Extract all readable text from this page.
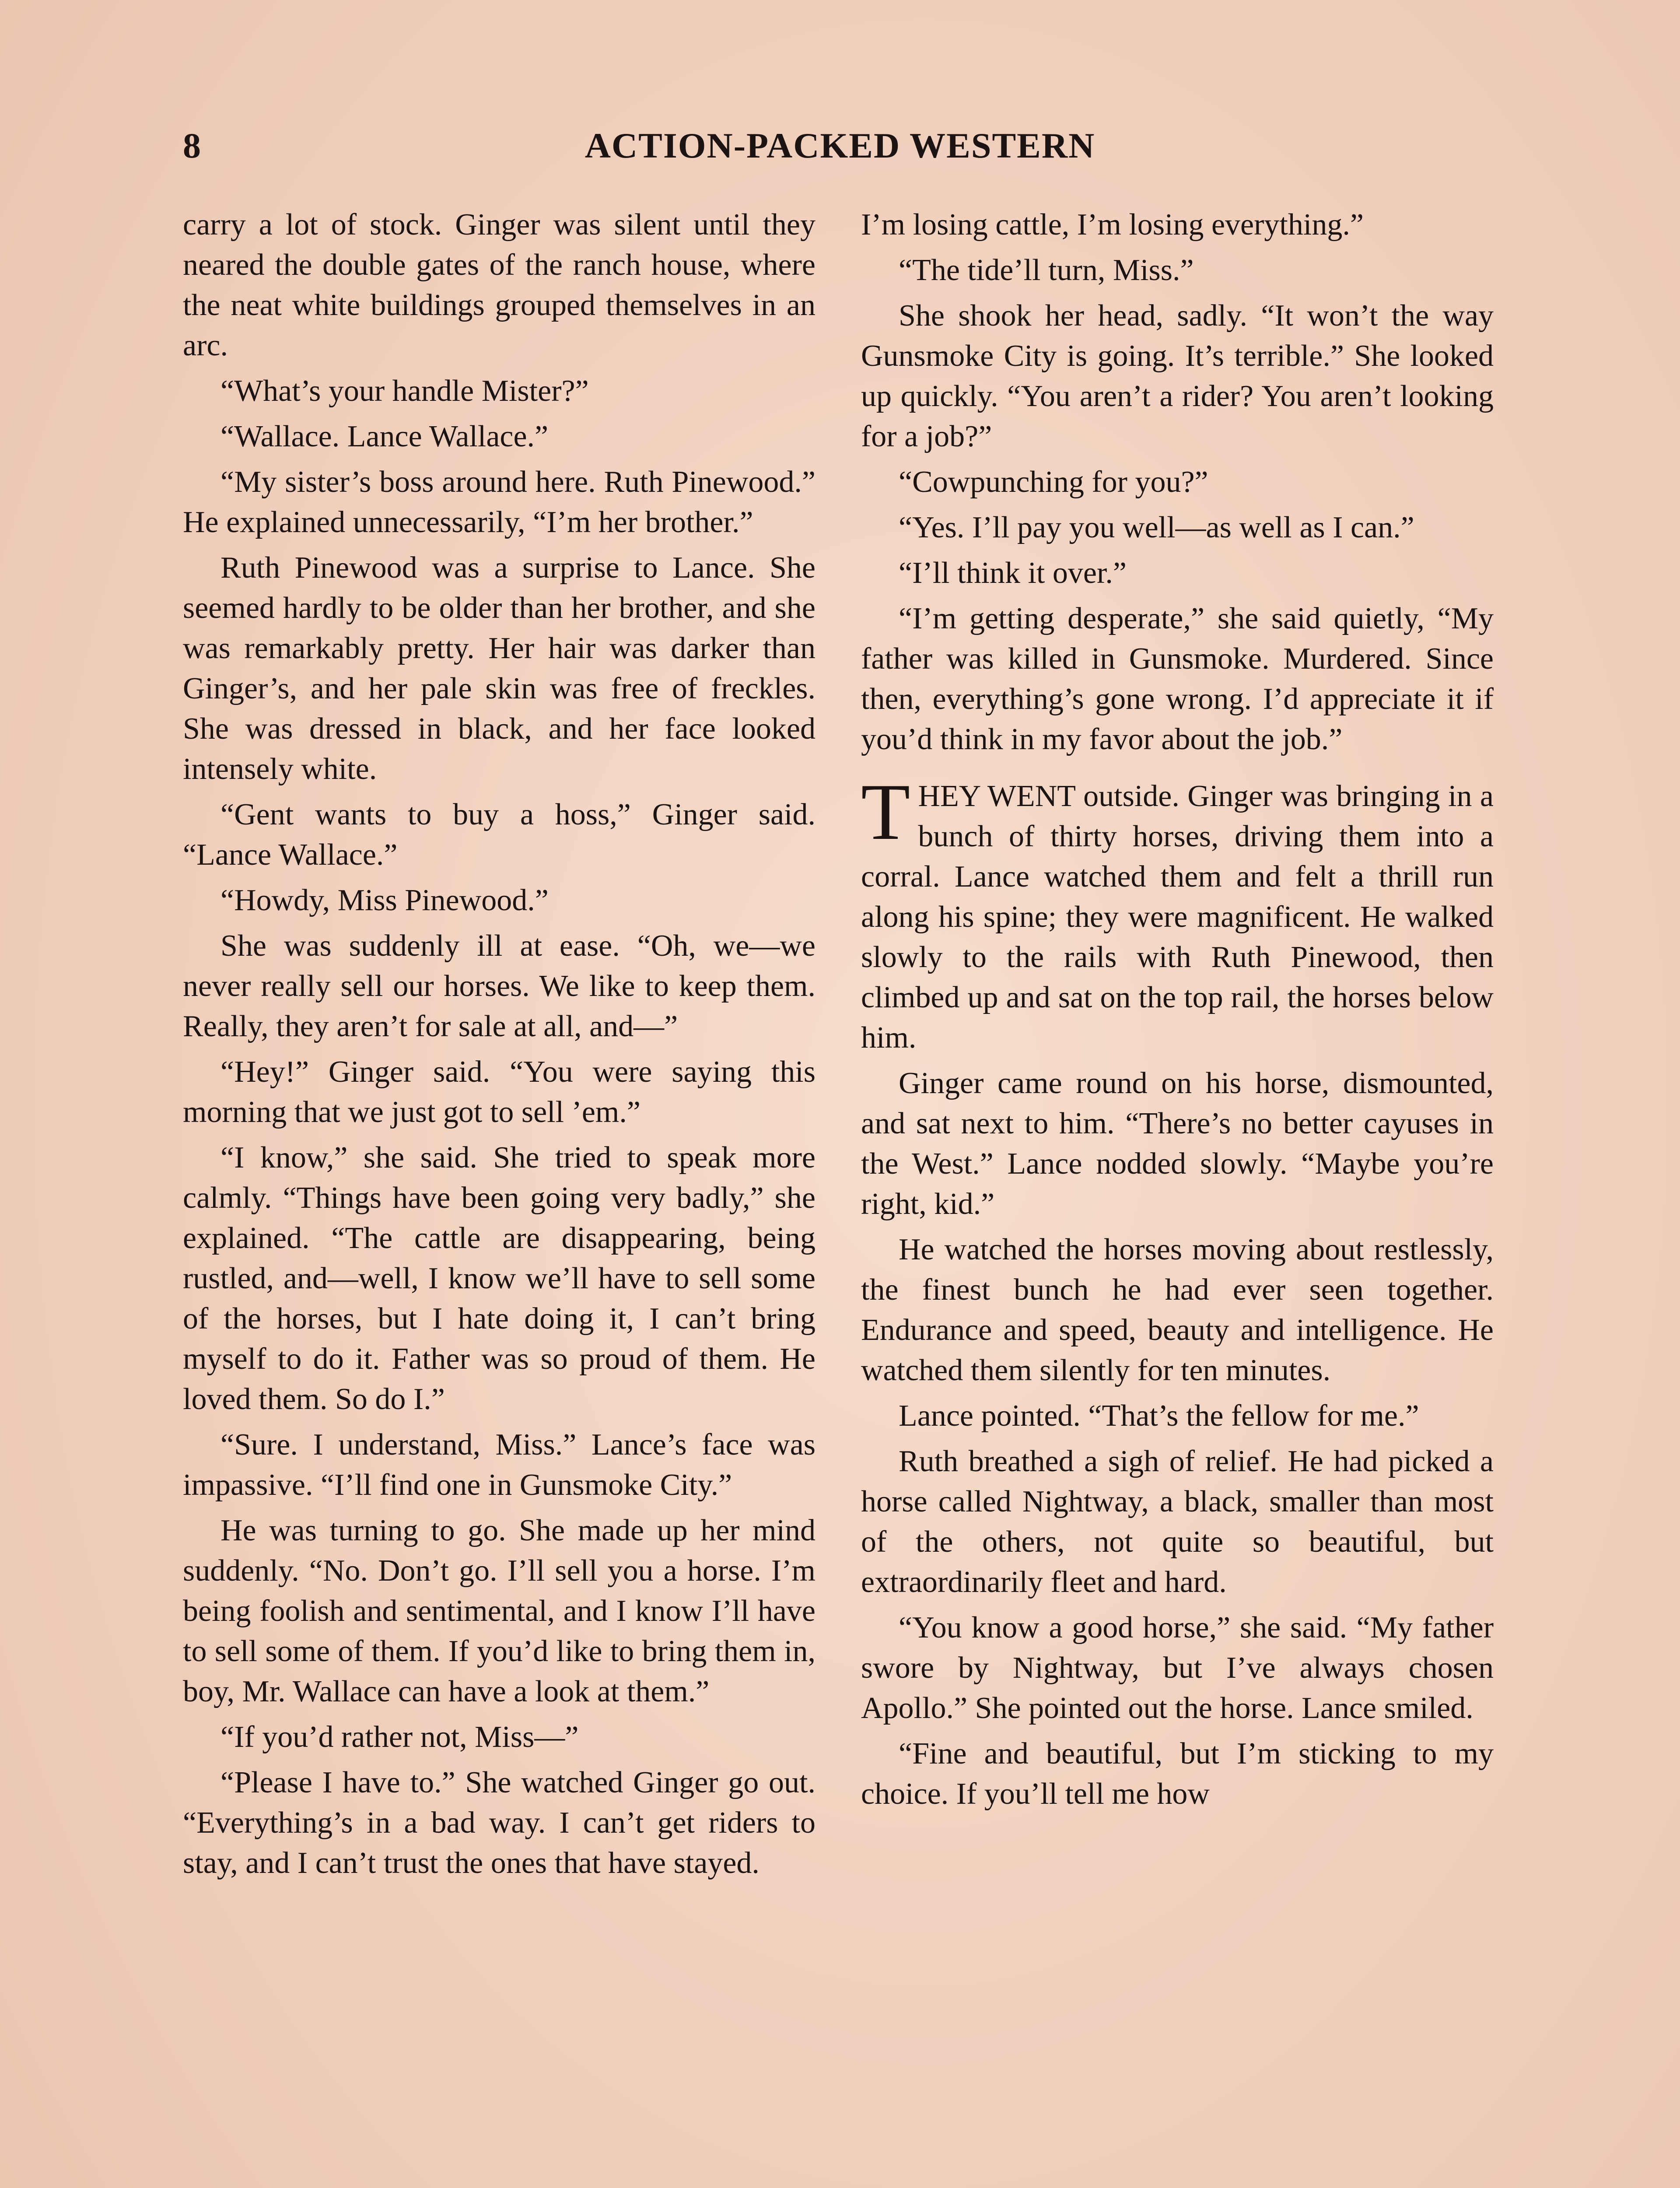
8	ACTION-PACKED WESTERN

carry a lot of stock. Ginger was silent until they neared the double gates of the ranch house, where the neat white buildings grouped themselves in an arc.

“What’s your handle Mister?”

“Wallace. Lance Wallace.”

“My sister’s boss around here. Ruth Pinewood.” He explained unnecessarily, “I’m her brother.”

Ruth Pinewood was a surprise to Lance. She seemed hardly to be older than her brother, and she was remarkably pretty. Her hair was darker than Ginger’s, and her pale skin was free of freckles. She was dressed in black, and her face looked intensely white.

“Gent wants to buy a hoss,” Ginger said. “Lance Wallace.”

“Howdy, Miss Pinewood.”

She was suddenly ill at ease. “Oh, we—we never really sell our horses. We like to keep them. Really, they aren’t for sale at all, and—”

“Hey!” Ginger said. “You were saying this morning that we just got to sell ’em.”

“I know,” she said. She tried to speak more calmly. “Things have been going very badly,” she explained. “The cattle are disappearing, being rustled, and—well, I know we’ll have to sell some of the horses, but I hate doing it, I can’t bring myself to do it. Father was so proud of them. He loved them. So do I.”

“Sure. I understand, Miss.” Lance’s face was impassive. “I’ll find one in Gunsmoke City.”

He was turning to go. She made up her mind suddenly. “No. Don’t go. I’ll sell you a horse. I’m being foolish and sentimental, and I know I’ll have to sell some of them. If you’d like to bring them in, boy, Mr. Wallace can have a look at them.”

“If you’d rather not, Miss—”

“Please I have to.” She watched Ginger go out. “Everything’s in a bad way. I can’t get riders to stay, and I can’t trust the ones that have stayed.

I’m losing cattle, I’m losing everything.”

“The tide’ll turn, Miss.”

She shook her head, sadly. “It won’t the way Gunsmoke City is going. It’s terrible.” She looked up quickly. “You aren’t a rider? You aren’t looking for a job?”

“Cowpunching for you?”

“Yes. I’ll pay you well—as well as I can.”

“I’ll think it over.”

“I’m getting desperate,” she said quietly, “My father was killed in Gunsmoke. Murdered. Since then, everything’s gone wrong. I’d appreciate it if you’d think in my favor about the job.”

THEY WENT outside. Ginger was bringing in a bunch of thirty horses, driving them into a corral. Lance watched them and felt a thrill run along his spine; they were magnificent. He walked slowly to the rails with Ruth Pinewood, then climbed up and sat on the top rail, the horses below him.

Ginger came round on his horse, dismounted, and sat next to him. “There’s no better cayuses in the West.” Lance nodded slowly. “Maybe you’re right, kid.”

He watched the horses moving about restlessly, the finest bunch he had ever seen together. Endurance and speed, beauty and intelligence. He watched them silently for ten minutes.

Lance pointed. “That’s the fellow for me.”

Ruth breathed a sigh of relief. He had picked a horse called Nightway, a black, smaller than most of the others, not quite so beautiful, but extraordinarily fleet and hard.

“You know a good horse,” she said. “My father swore by Nightway, but I’ve always chosen Apollo.” She pointed out the horse. Lance smiled.

“Fine and beautiful, but I’m sticking to my choice. If you’ll tell me how
